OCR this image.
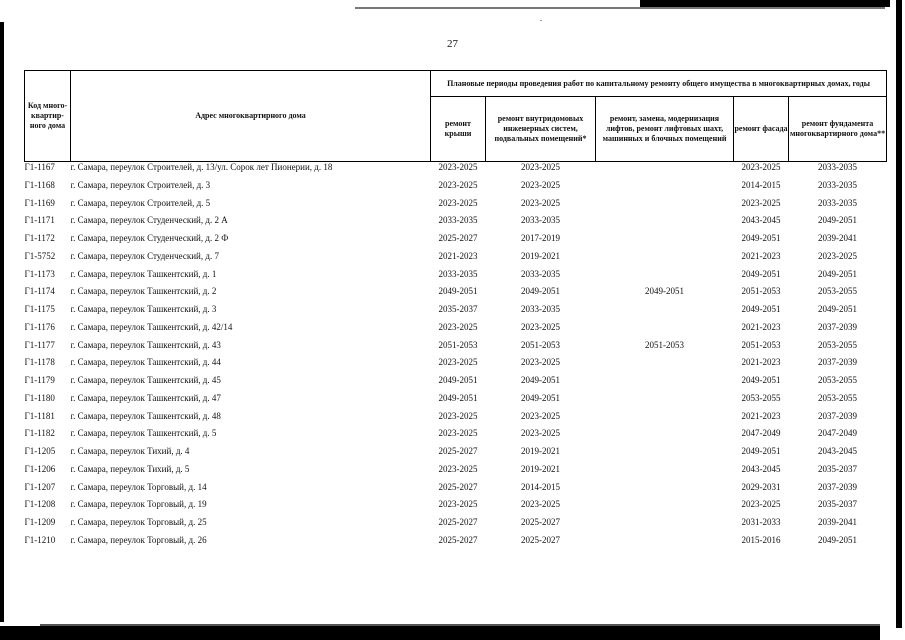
27
Код много-квартир-ного дома	Адрес многоквартирного дома	Плановые периоды проведения работ по капитальному ремонту общего имущества в многоквартирных домах, годы				
		ремонт крыши	ремонт внутридомовых инженерных систем, подвальных помещений*	ремонт, замена, модернизация лифтов, ремонт лифтовых шахт, машинных и блочных помещений	ремонт фасада	ремонт фундамента многоквартирного дома**
Г1-1167	г. Самара, переулок Строителей, д. 13/ул. Сорок лет Пионерии, д. 18	2023-2025	2023-2025		2023-2025	2033-2035
Г1-1168	г. Самара, переулок Строителей, д. 3	2023-2025	2023-2025		2014-2015	2033-2035
Г1-1169	г. Самара, переулок Строителей, д. 5	2023-2025	2023-2025		2023-2025	2033-2035
Г1-1171	г. Самара, переулок Студенческий, д. 2 А	2033-2035	2033-2035		2043-2045	2049-2051
Г1-1172	г. Самара, переулок Студенческий, д. 2 Ф	2025-2027	2017-2019		2049-2051	2039-2041
Г1-5752	г. Самара, переулок Студенческий, д. 7	2021-2023	2019-2021		2021-2023	2023-2025
Г1-1173	г. Самара, переулок Ташкентский, д. 1	2033-2035	2033-2035		2049-2051	2049-2051
Г1-1174	г. Самара, переулок Ташкентский, д. 2	2049-2051	2049-2051	2049-2051	2051-2053	2053-2055
Г1-1175	г. Самара, переулок Ташкентский, д. 3	2035-2037	2033-2035		2049-2051	2049-2051
Г1-1176	г. Самара, переулок Ташкентский, д. 42/14	2023-2025	2023-2025		2021-2023	2037-2039
Г1-1177	г. Самара, переулок Ташкентский, д. 43	2051-2053	2051-2053	2051-2053	2051-2053	2053-2055
Г1-1178	г. Самара, переулок Ташкентский, д. 44	2023-2025	2023-2025		2021-2023	2037-2039
Г1-1179	г. Самара, переулок Ташкентский, д. 45	2049-2051	2049-2051		2049-2051	2053-2055
Г1-1180	г. Самара, переулок Ташкентский, д. 47	2049-2051	2049-2051		2053-2055	2053-2055
Г1-1181	г. Самара, переулок Ташкентский, д. 48	2023-2025	2023-2025		2021-2023	2037-2039
Г1-1182	г. Самара, переулок Ташкентский, д. 5	2023-2025	2023-2025		2047-2049	2047-2049
Г1-1205	г. Самара, переулок Тихий, д. 4	2025-2027	2019-2021		2049-2051	2043-2045
Г1-1206	г. Самара, переулок Тихий, д. 5	2023-2025	2019-2021		2043-2045	2035-2037
Г1-1207	г. Самара, переулок Торговый, д. 14	2025-2027	2014-2015		2029-2031	2037-2039
Г1-1208	г. Самара, переулок Торговый, д. 19	2023-2025	2023-2025		2023-2025	2035-2037
Г1-1209	г. Самара, переулок Торговый, д. 25	2025-2027	2025-2027		2031-2033	2039-2041
Г1-1210	г. Самара, переулок Торговый, д. 26	2025-2027	2025-2027		2015-2016	2049-2051
